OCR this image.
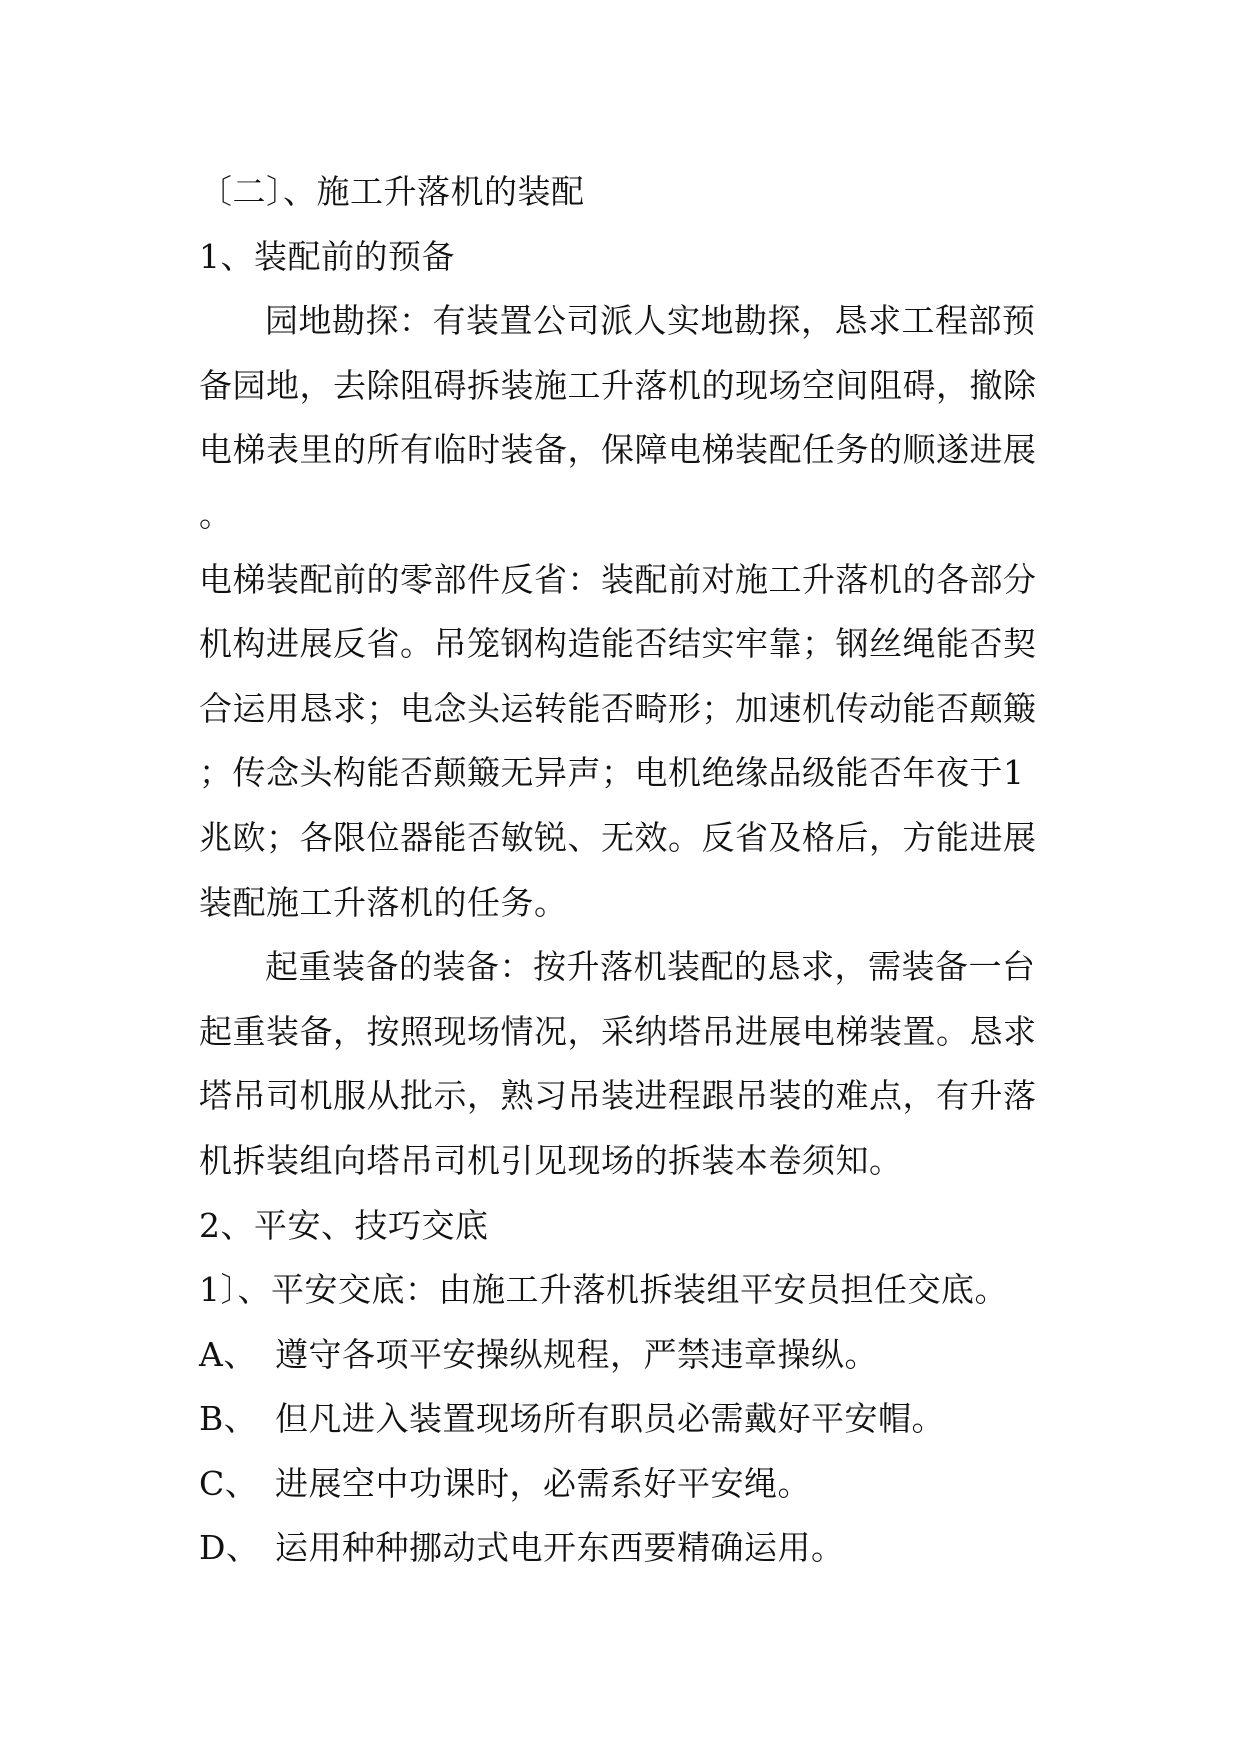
〔二〕、施工升落机的装配
1、装配前的预备
园地勘探：有装置公司派人实地勘探，恳求工程部预
备园地，去除阻碍拆装施工升落机的现场空间阻碍，撤除
电梯表里的所有临时装备，保障电梯装配任务的顺遂进展
。
电梯装配前的零部件反省：装配前对施工升落机的各部分
机构进展反省。吊笼钢构造能否结实牢靠；钢丝绳能否契
合运用恳求；电念头运转能否畸形；加速机传动能否颠簸
；传念头构能否颠簸无异声；电机绝缘品级能否年夜于1
兆欧；各限位器能否敏锐、无效。反省及格后，方能进展
装配施工升落机的任务。
起重装备的装备：按升落机装配的恳求，需装备一台
起重装备，按照现场情况，采纳塔吊进展电梯装置。恳求
塔吊司机服从批示，熟习吊装进程跟吊装的难点，有升落
机拆装组向塔吊司机引见现场的拆装本卷须知。
2、平安、技巧交底
1〕、平安交底：由施工升落机拆装组平安员担任交底。
A、 遵守各项平安操纵规程，严禁违章操纵。
B、 但凡进入装置现场所有职员必需戴好平安帽。
C、 进展空中功课时，必需系好平安绳。
D、 运用种种挪动式电开东西要精确运用。
